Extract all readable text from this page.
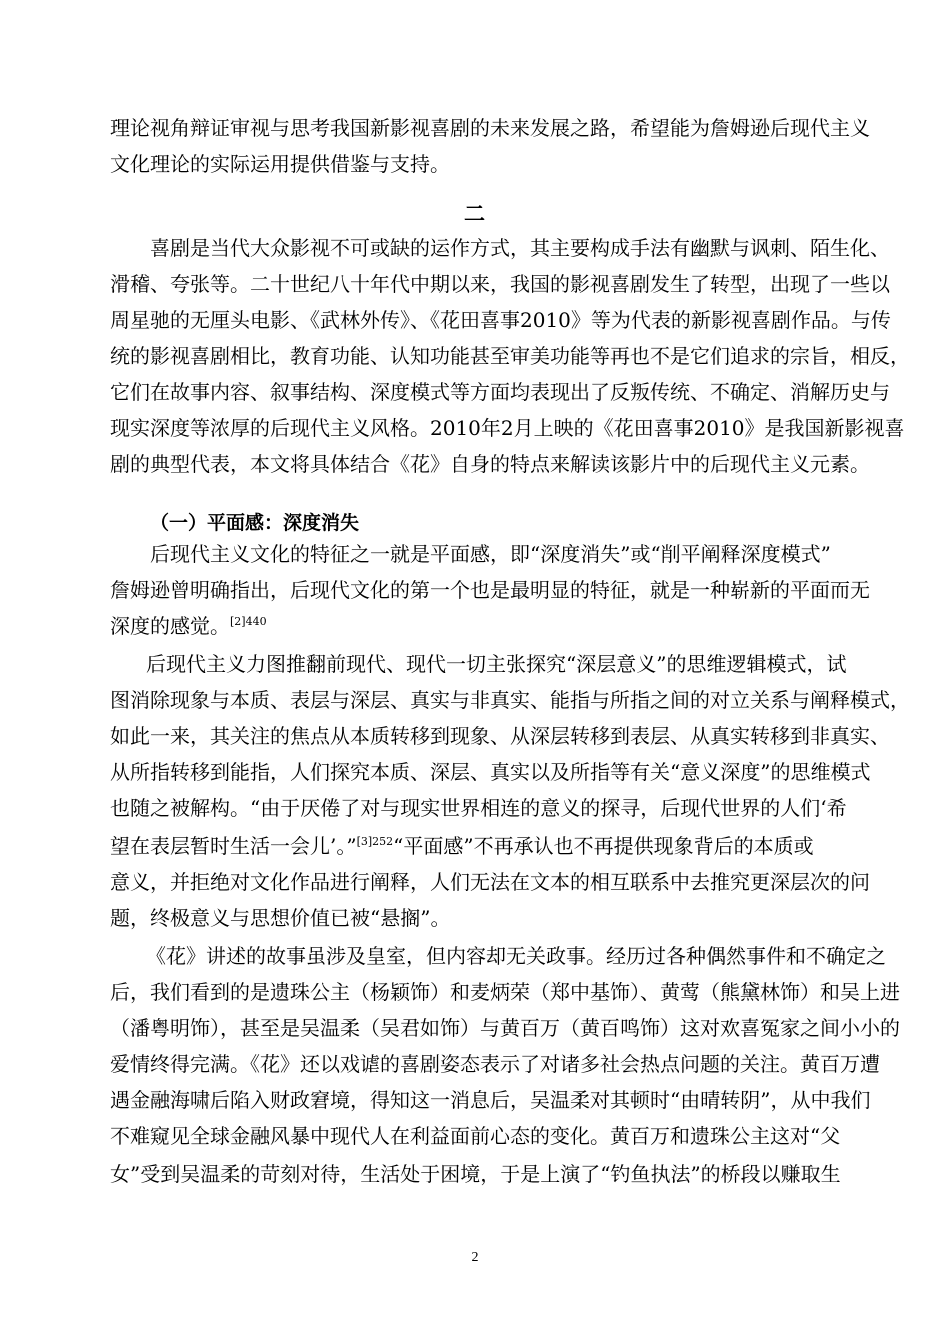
理论视角辩证审视与思考我国新影视喜剧的未来发展之路，希望能为詹姆逊后现代主义
文化理论的实际运用提供借鉴与支持。
喜剧是当代大众影视不可或缺的运作方式，其主要构成手法有幽默与讽刺、陌生化、
滑稽、夸张等。二十世纪八十年代中期以来，我国的影视喜剧发生了转型，出现了一些以
周星驰的无厘头电影、《武林外传》、《花田喜事2010》等为代表的新影视喜剧作品。与传
统的影视喜剧相比，教育功能、认知功能甚至审美功能等再也不是它们追求的宗旨，相反，
它们在故事内容、叙事结构、深度模式等方面均表现出了反叛传统、不确定、消解历史与
现实深度等浓厚的后现代主义风格。2010年2月上映的《花田喜事2010》是我国新影视喜
剧的典型代表，本文将具体结合《花》自身的特点来解读该影片中的后现代主义元素。
后现代主义文化的特征之一就是平面感，即“深度消失”或“削平阐释深度模式”
詹姆逊曾明确指出，后现代文化的第一个也是最明显的特征，就是一种崭新的平面而无
深度的感觉。$^{[2]440}$
后现代主义力图推翻前现代、现代一切主张探究“深层意义”的思维逻辑模式，试
图消除现象与本质、表层与深层、真实与非真实、能指与所指之间的对立关系与阐释模式，
如此一来，其关注的焦点从本质转移到现象、从深层转移到表层、从真实转移到非真实、
从所指转移到能指，人们探究本质、深层、真实以及所指等有关“意义深度”的思维模式
也随之被解构。“由于厌倦了对与现实世界相连的意义的探寻，后现代世界的人们‘希
望在表层暂时生活一会儿’。”$^{[3]252}$“平面感”不再承认也不再提供现象背后的本质或
意义，并拒绝对文化作品进行阐释，人们无法在文本的相互联系中去推究更深层次的问
题，终极意义与思想价值已被“悬搁”。
《花》讲述的故事虽涉及皇室，但内容却无关政事。经历过各种偶然事件和不确定之
后，我们看到的是遗珠公主（杨颖饰）和麦炳荣（郑中基饰）、黄莺（熊黛林饰）和吴上进
（潘粤明饰），甚至是吴温柔（吴君如饰）与黄百万（黄百鸣饰）这对欢喜冤家之间小小的
爱情终得完满。《花》还以戏谑的喜剧姿态表示了对诸多社会热点问题的关注。黄百万遭
遇金融海啸后陷入财政窘境，得知这一消息后，吴温柔对其顿时“由晴转阴”，从中我们
不难窥见全球金融风暴中现代人在利益面前心态的变化。黄百万和遗珠公主这对“父
女”受到吴温柔的苛刻对待，生活处于困境，于是上演了“钓鱼执法”的桥段以赚取生
二
（一）平面感：深度消失
2
